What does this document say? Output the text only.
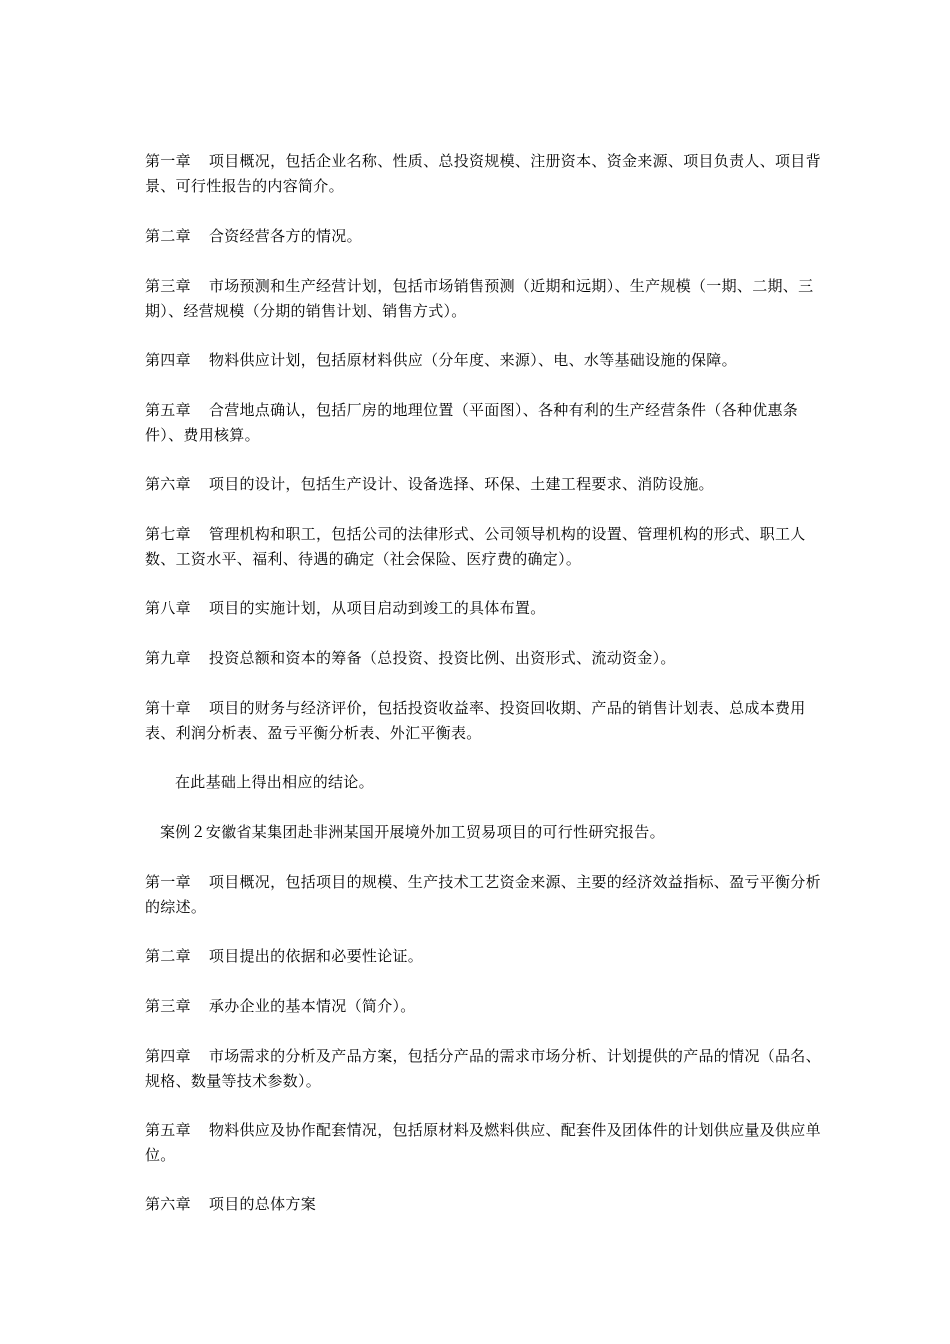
第一章 项目概况，包括企业名称、性质、总投资规模、注册资本、资金来源、项目负责人、项目背景、可行性报告的内容简介。

第二章 合资经营各方的情况。

第三章 市场预测和生产经营计划，包括市场销售预测（近期和远期）、生产规模（一期、二期、三期）、经营规模（分期的销售计划、销售方式）。

第四章 物料供应计划，包括原材料供应（分年度、来源）、电、水等基础设施的保障。

第五章 合营地点确认，包括厂房的地理位置（平面图）、各种有利的生产经营条件（各种优惠条件）、费用核算。

第六章 项目的设计，包括生产设计、设备选择、环保、土建工程要求、消防设施。

第七章 管理机构和职工，包括公司的法律形式、公司领导机构的设置、管理机构的形式、职工人数、工资水平、福利、待遇的确定（社会保险、医疗费的确定）。

第八章 项目的实施计划，从项目启动到竣工的具体布置。

第九章 投资总额和资本的筹备（总投资、投资比例、出资形式、流动资金）。

第十章 项目的财务与经济评价，包括投资收益率、投资回收期、产品的销售计划表、总成本费用表、利润分析表、盈亏平衡分析表、外汇平衡表。

在此基础上得出相应的结论。

案例２安徽省某集团赴非洲某国开展境外加工贸易项目的可行性研究报告。

第一章 项目概况，包括项目的规模、生产技术工艺资金来源、主要的经济效益指标、盈亏平衡分析的综述。

第二章 项目提出的依据和必要性论证。

第三章 承办企业的基本情况（简介）。

第四章 市场需求的分析及产品方案，包括分产品的需求市场分析、计划提供的产品的情况（品名、规格、数量等技术参数）。

第五章 物料供应及协作配套情况，包括原材料及燃料供应、配套件及团体件的计划供应量及供应单位。

第六章 项目的总体方案
